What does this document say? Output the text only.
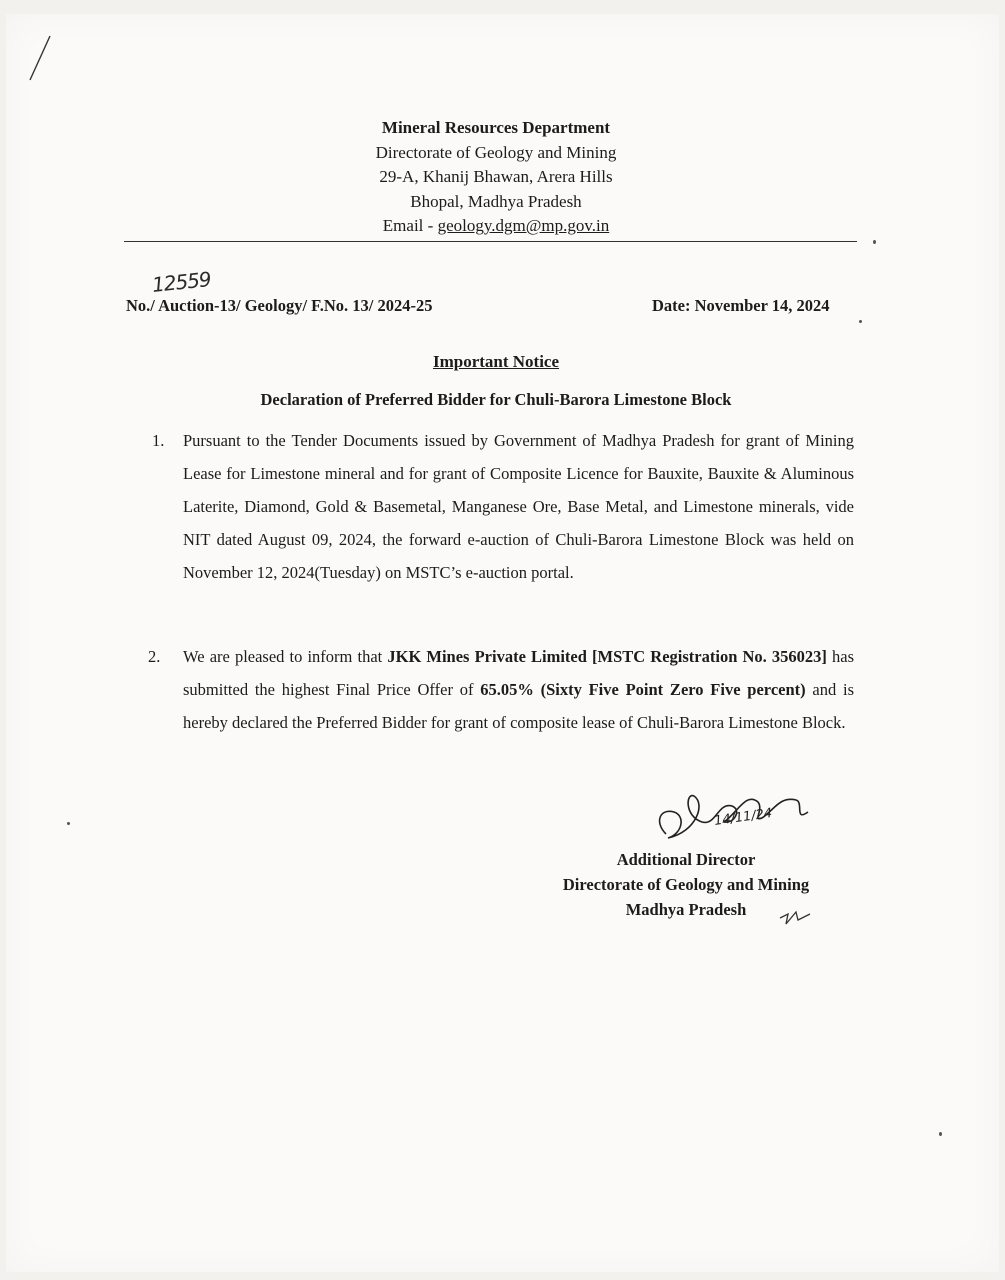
Mineral Resources Department
Directorate of Geology and Mining
29-A, Khanij Bhawan, Arera Hills
Bhopal, Madhya Pradesh
Email - geology.dgm@mp.gov.in
12559
No./ Auction-13/ Geology/ F.No. 13/ 2024-25	Date: November 14, 2024
Important Notice
Declaration of Preferred Bidder for Chuli-Barora Limestone Block
1. Pursuant to the Tender Documents issued by Government of Madhya Pradesh for grant of Mining Lease for Limestone mineral and for grant of Composite Licence for Bauxite, Bauxite & Aluminous Laterite, Diamond, Gold & Basemetal, Manganese Ore, Base Metal, and Limestone minerals, vide NIT dated August 09, 2024, the forward e-auction of Chuli-Barora Limestone Block was held on November 12, 2024(Tuesday) on MSTC’s e-auction portal.
2. We are pleased to inform that JKK Mines Private Limited [MSTC Registration No. 356023] has submitted the highest Final Price Offer of 65.05% (Sixty Five Point Zero Five percent) and is hereby declared the Preferred Bidder for grant of composite lease of Chuli-Barora Limestone Block.
14/11/24
Additional Director
Directorate of Geology and Mining
Madhya Pradesh
